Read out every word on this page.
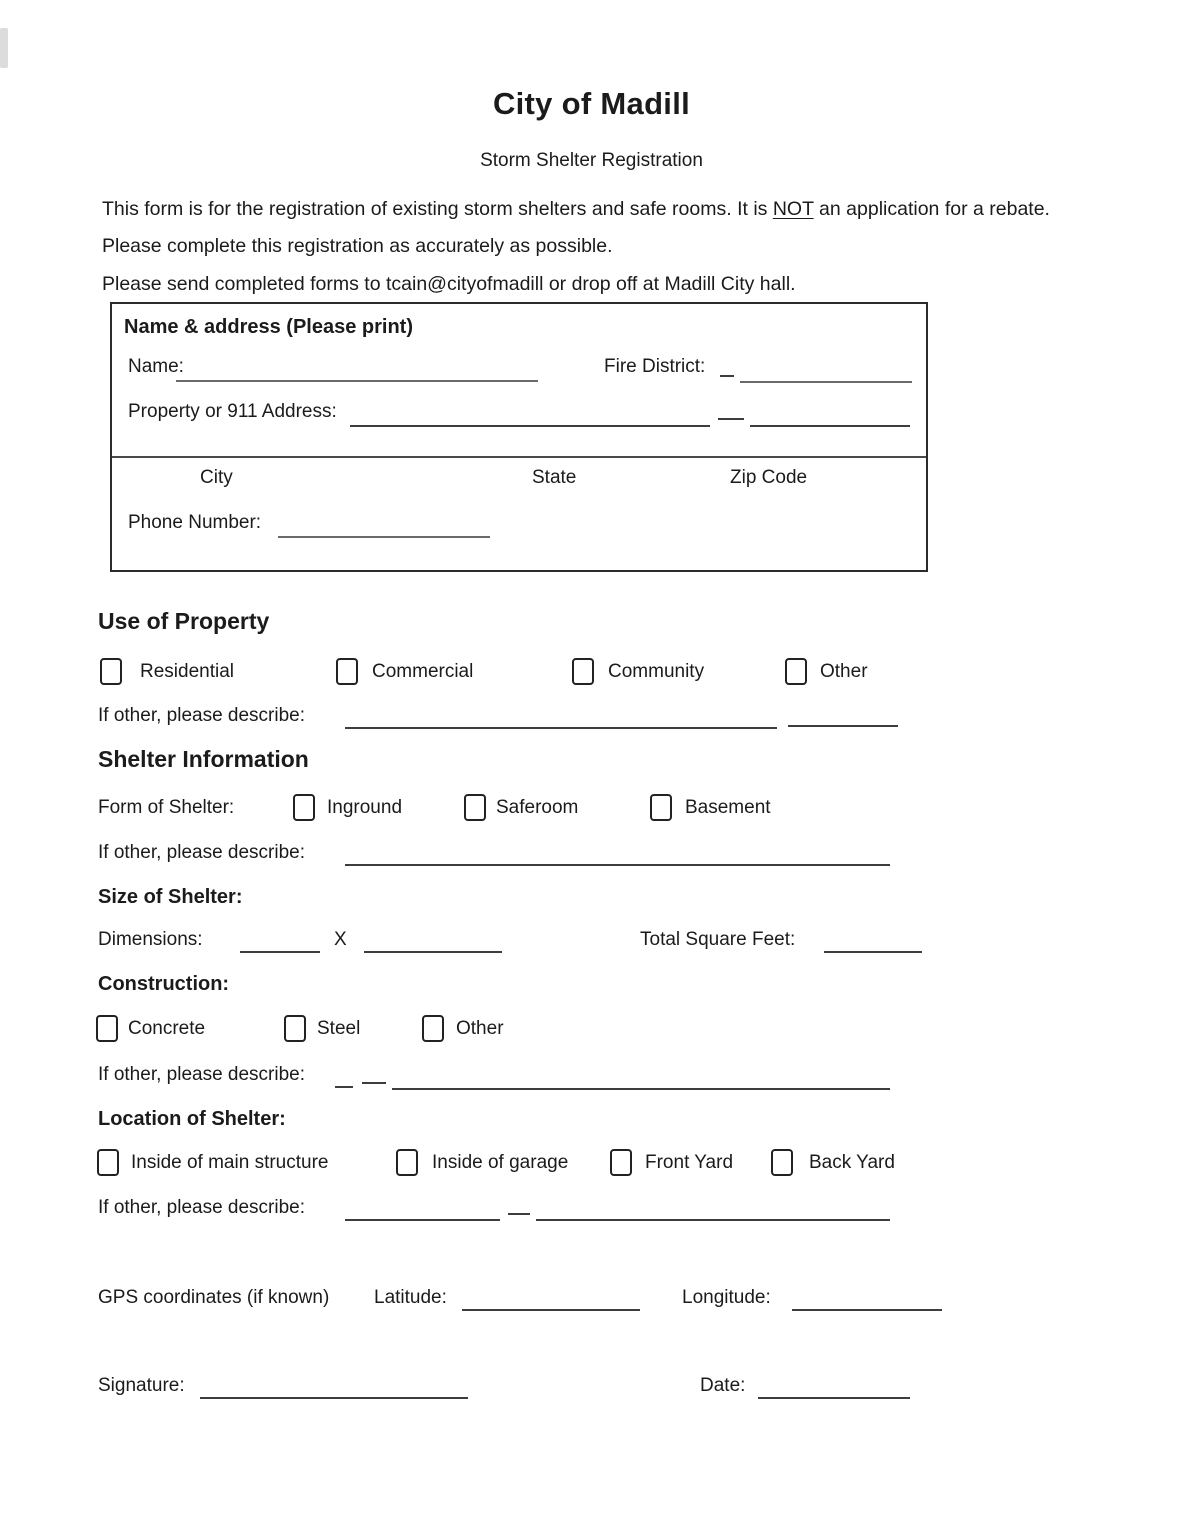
City of Madill
Storm Shelter Registration
This form is for the registration of existing storm shelters and safe rooms. It is NOT an application for a rebate. Please complete this registration as accurately as possible.
Please send completed forms to tcain@cityofmadill or drop off at Madill City hall.
Name & address (Please print)
Name:	Fire District:
Property or 911 Address:
City	State	Zip Code
Phone Number:
Use of Property
Residential	Commercial	Community	Other
If other, please describe:
Shelter Information
Form of Shelter:	Inground	Saferoom	Basement
If other, please describe:
Size of Shelter:
Dimensions:	X	Total Square Feet:
Construction:
Concrete	Steel	Other
If other, please describe:
Location of Shelter:
Inside of main structure	Inside of garage	Front Yard	Back Yard
If other, please describe:
GPS coordinates (if known) Latitude:	Longitude:
Signature:	Date:
